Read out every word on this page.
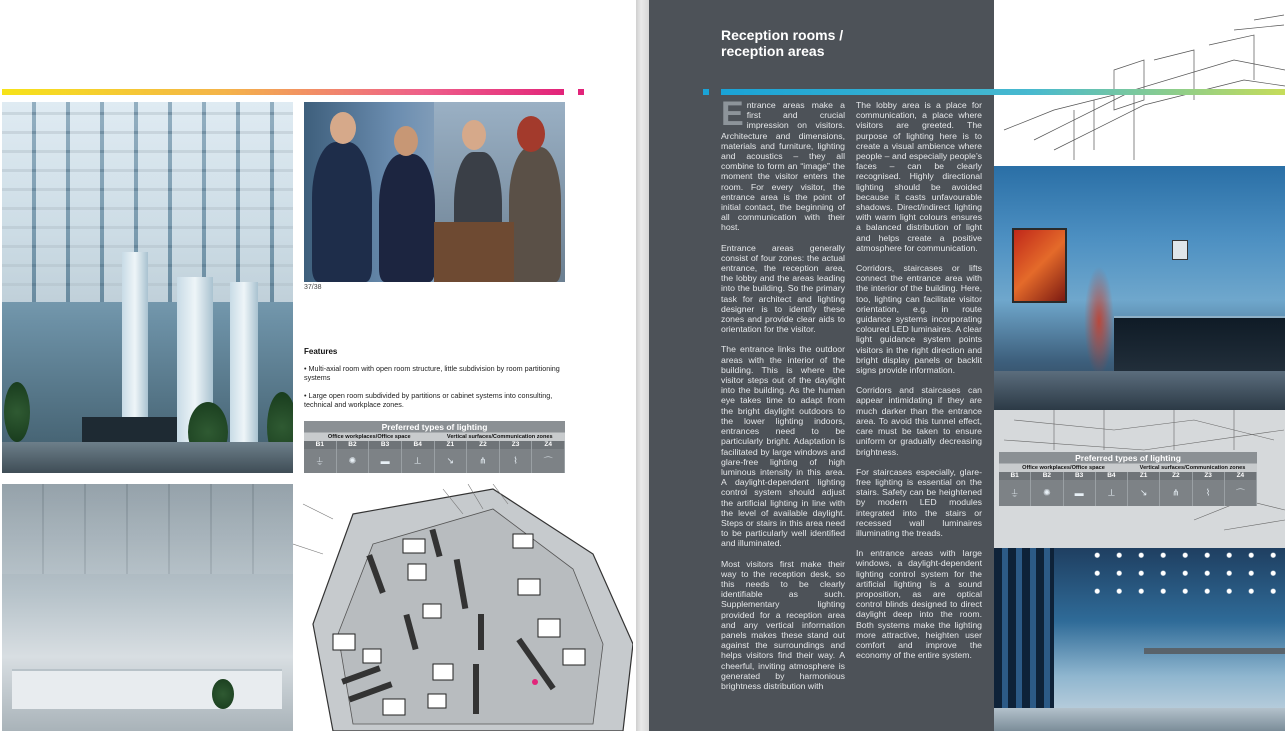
37/38
Features
• Multi-axial room with open room structure, little subdivision by room partitioning systems
• Large open room subdivided by partitions or cabinet systems into consulting, technical and workplace zones.
Preferred types of lighting
Office workplaces/Office space	Vertical surfaces/Communication zones
B1	B2	B3	B4	Z1	Z2	Z3	Z4
⏚	✺	▬	⊥	↘	⋔	⌇	⌒
Reception rooms /
reception areas

Entrance areas make a first and crucial impression on visitors. Architecture and dimensions, materials and furniture, lighting and acoustics – they all combine to form an “image” the moment the visitor enters the room. For every visitor, the entrance area is the point of initial contact, the beginning of all communication with their host.

Entrance areas generally consist of four zones: the actual entrance, the reception area, the lobby and the areas leading into the building. So the primary task for architect and lighting designer is to identify these zones and provide clear aids to orientation for the visitor.

The entrance links the outdoor areas with the interior of the building. This is where the visitor steps out of the daylight into the building. As the human eye takes time to adapt from the bright daylight outdoors to the lower lighting indoors, entrances need to be particularly bright. Adaptation is facilitated by large windows and glare-free lighting of high luminous intensity in this area. A daylight-dependent lighting control system should adjust the artificial lighting in line with the level of available daylight. Steps or stairs in this area need to be particularly well identified and illuminated.

Most visitors first make their way to the reception desk, so this needs to be clearly identifiable as such. Supplementary lighting provided for a reception area and any vertical information panels makes these stand out against the surroundings and helps visitors find their way. A cheerful, inviting atmosphere is generated by harmonious brightness distribution with

The lobby area is a place for communication, a place where visitors are greeted. The purpose of lighting here is to create a visual ambience where people – and especially people’s faces – can be clearly recognised. Highly directional lighting should be avoided because it casts unfavourable shadows. Direct/indirect lighting with warm light colours ensures a balanced distribution of light and helps create a positive atmosphere for communication.

Corridors, staircases or lifts connect the entrance area with the interior of the building. Here, too, lighting can facilitate visitor orientation, e.g. in route guidance systems incorporating coloured LED luminaires. A clear light guidance system points visitors in the right direction and bright display panels or backlit signs provide information.

Corridors and staircases can appear intimidating if they are much darker than the entrance area. To avoid this tunnel effect, care must be taken to ensure uniform or gradually decreasing brightness.

For staircases especially, glare-free lighting is essential on the stairs. Safety can be heightened by modern LED modules integrated into the stairs or recessed wall luminaires illuminating the treads.

In entrance areas with large windows, a daylight-dependent lighting control system for the artificial lighting is a sound proposition, as are optical control blinds designed to direct daylight deep into the room. Both systems make the lighting more attractive, heighten user comfort and improve the economy of the entire system.

Preferred types of lighting
Office workplaces/Office space	Vertical surfaces/Communication zones
B1	B2	B3	B4	Z1	Z2	Z3	Z4
⏚	✺	▬	⊥	↘	⋔	⌇	⌒
